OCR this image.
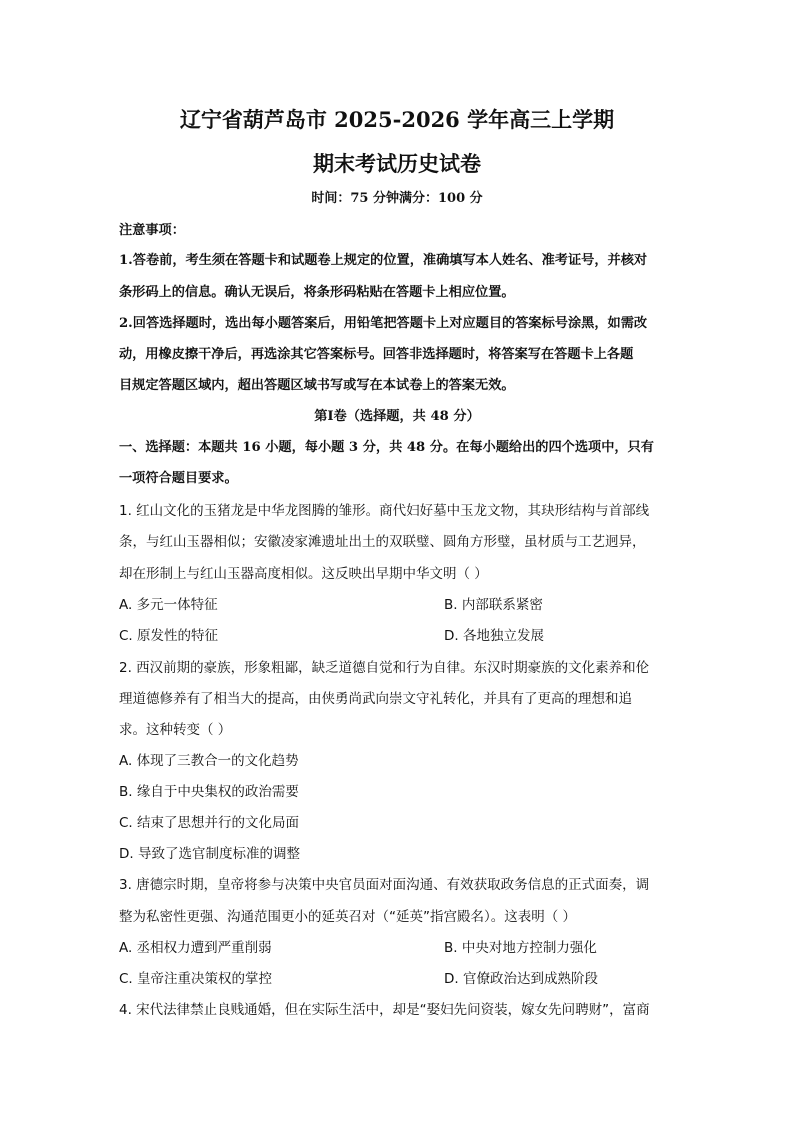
辽宁省葫芦岛市 2025-2026 学年高三上学期
期末考试历史试卷
时间：75 分钟满分：100 分
注意事项：
1.答卷前，考生须在答题卡和试题卷上规定的位置，准确填写本人姓名、准考证号，并核对
条形码上的信息。确认无误后，将条形码粘贴在答题卡上相应位置。
2.回答选择题时，选出每小题答案后，用铅笔把答题卡上对应题目的答案标号涂黑，如需改
动，用橡皮擦干净后，再选涂其它答案标号。回答非选择题时，将答案写在答题卡上各题
目规定答题区域内，超出答题区域书写或写在本试卷上的答案无效。
第Ⅰ卷（选择题，共 48 分）
一、选择题：本题共 16 小题，每小题 3 分，共 48 分。在每小题给出的四个选项中，只有
一项符合题目要求。
1. 红山文化的玉猪龙是中华龙图腾的雏形。商代妇好墓中玉龙文物，其玦形结构与首部线
条，与红山玉器相似；安徽凌家滩遗址出土的双联璧、圆角方形璧，虽材质与工艺迥异，
却在形制上与红山玉器高度相似。这反映出早期中华文明（ ）
A. 多元一体特征	B. 内部联系紧密
C. 原发性的特征	D. 各地独立发展
2. 西汉前期的豪族，形象粗鄙，缺乏道德自觉和行为自律。东汉时期豪族的文化素养和伦
理道德修养有了相当大的提高，由侠勇尚武向崇文守礼转化，并具有了更高的理想和追
求。这种转变（ ）
A. 体现了三教合一的文化趋势
B. 缘自于中央集权的政治需要
C. 结束了思想并行的文化局面
D. 导致了选官制度标准的调整
3. 唐德宗时期，皇帝将参与决策中央官员面对面沟通、有效获取政务信息的正式面奏，调
整为私密性更强、沟通范围更小的延英召对（“延英”指宫殿名）。这表明（ ）
A. 丞相权力遭到严重削弱	B. 中央对地方控制力强化
C. 皇帝注重决策权的掌控	D. 官僚政治达到成熟阶段
4. 宋代法律禁止良贱通婚，但在实际生活中，却是“娶妇先问资装，嫁女先问聘财”，富商
